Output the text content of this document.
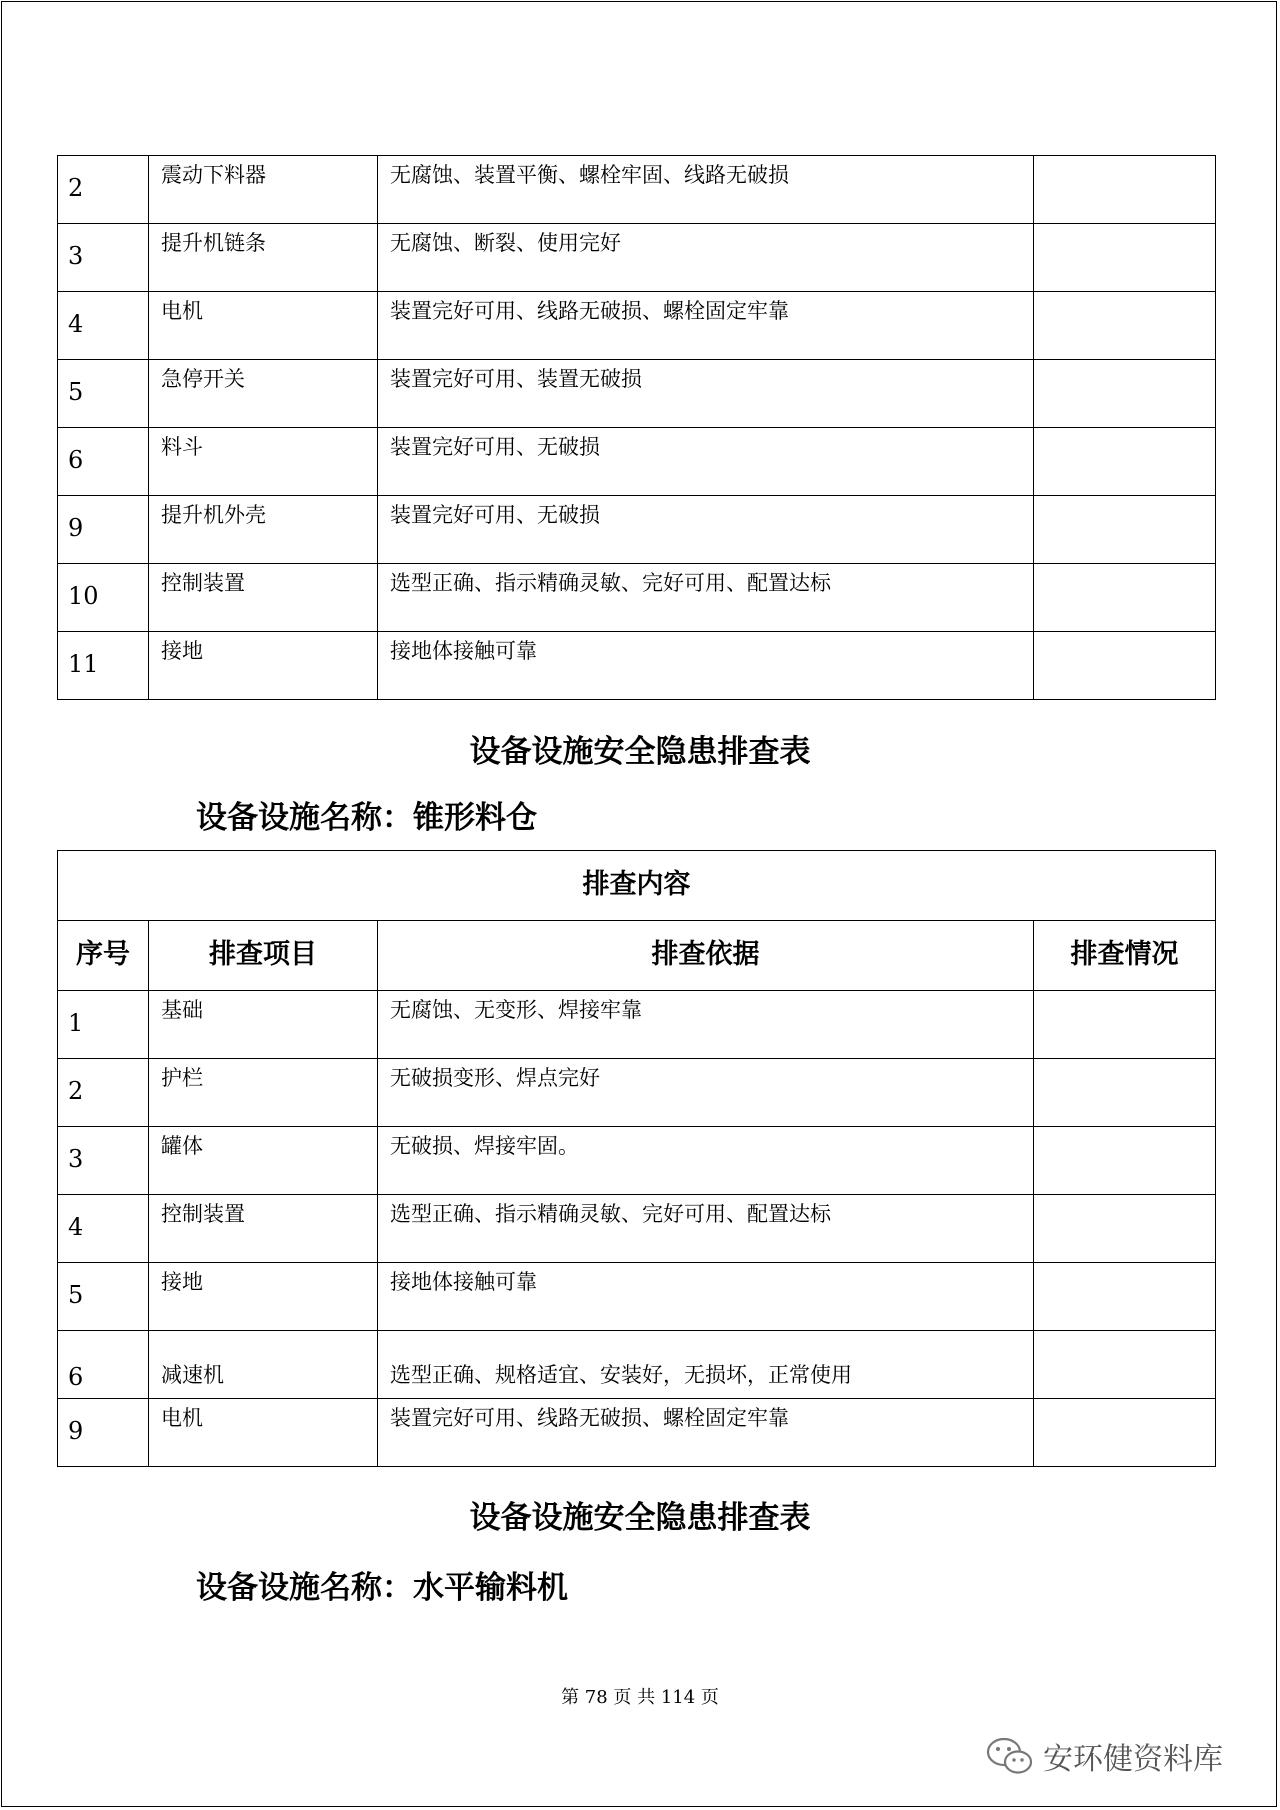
2	震动下料器	无腐蚀、装置平衡、螺栓牢固、线路无破损	
3	提升机链条	无腐蚀、断裂、使用完好	
4	电机	装置完好可用、线路无破损、螺栓固定牢靠	
5	急停开关	装置完好可用、装置无破损	
6	料斗	装置完好可用、无破损	
9	提升机外壳	装置完好可用、无破损	
10	控制装置	选型正确、指示精确灵敏、完好可用、配置达标	
11	接地	接地体接触可靠	
设备设施安全隐患排查表
设备设施名称：锥形料仓
排查内容			
序号	排查项目	排查依据	排查情况
1	基础	无腐蚀、无变形、焊接牢靠	
2	护栏	无破损变形、焊点完好	
3	罐体	无破损、焊接牢固。	
4	控制装置	选型正确、指示精确灵敏、完好可用、配置达标	
5	接地	接地体接触可靠	
6	减速机	选型正确、规格适宜、安装好，无损坏，正常使用	
9	电机	装置完好可用、线路无破损、螺栓固定牢靠	
设备设施安全隐患排查表
设备设施名称：水平输料机
第 78 页 共 114 页
安环健资料库
